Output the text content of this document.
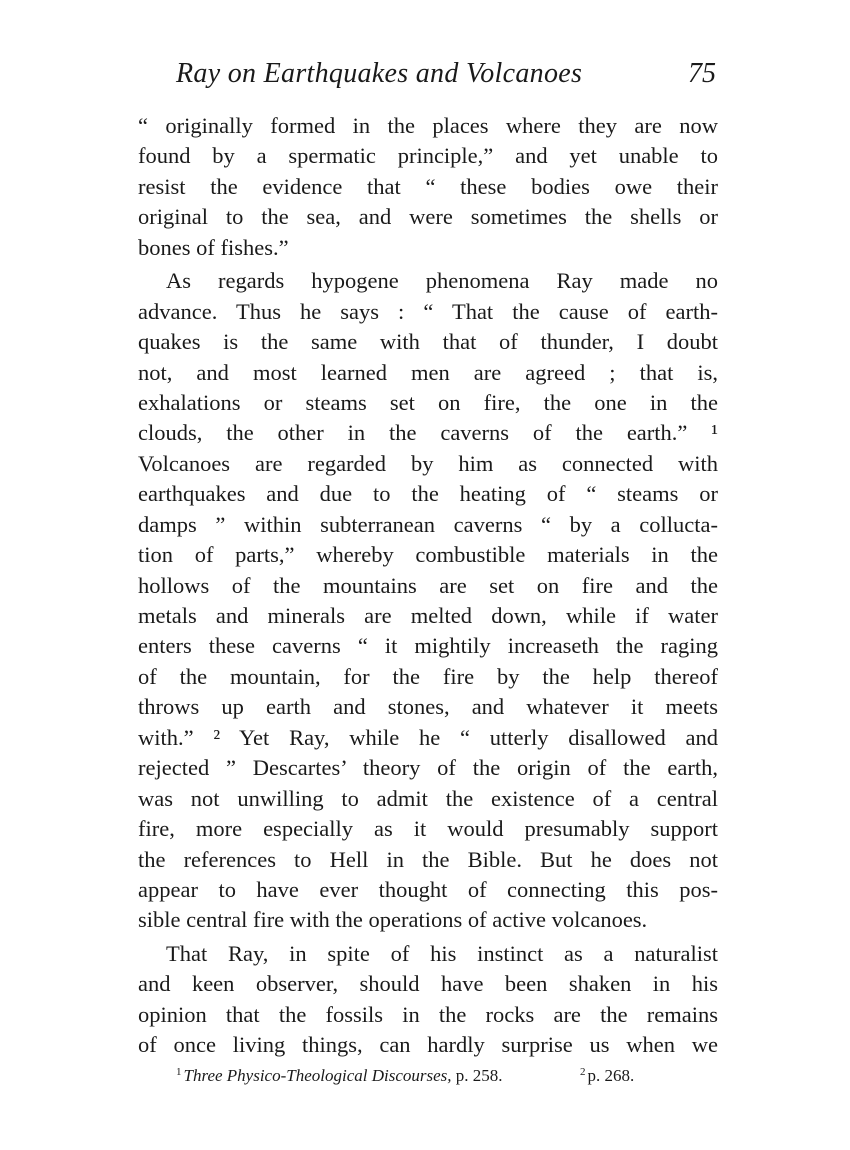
Ray on Earthquakes and Volcanoes	75

“ originally formed in the places where they are now
found by a spermatic principle,” and yet unable to
resist the evidence that “ these bodies owe their
original to the sea, and were sometimes the shells or
bones of fishes.”

As regards hypogene phenomena Ray made no
advance. Thus he says : “ That the cause of earth-
quakes is the same with that of thunder, I doubt
not, and most learned men are agreed ; that is,
exhalations or steams set on fire, the one in the
clouds, the other in the caverns of the earth.” ¹
Volcanoes are regarded by him as connected with
earthquakes and due to the heating of “ steams or
damps ” within subterranean caverns “ by a collucta-
tion of parts,” whereby combustible materials in the
hollows of the mountains are set on fire and the
metals and minerals are melted down, while if water
enters these caverns “ it mightily increaseth the raging
of the mountain, for the fire by the help thereof
throws up earth and stones, and whatever it meets
with.” ² Yet Ray, while he “ utterly disallowed and
rejected ” Descartes’ theory of the origin of the earth,
was not unwilling to admit the existence of a central
fire, more especially as it would presumably support
the references to Hell in the Bible. But he does not
appear to have ever thought of connecting this pos-
sible central fire with the operations of active volcanoes.

That Ray, in spite of his instinct as a naturalist
and keen observer, should have been shaken in his
opinion that the fossils in the rocks are the remains
of once living things, can hardly surprise us when we

$^1$ Three Physico-Theological Discourses, p. 258.	$^2$ p. 268.
